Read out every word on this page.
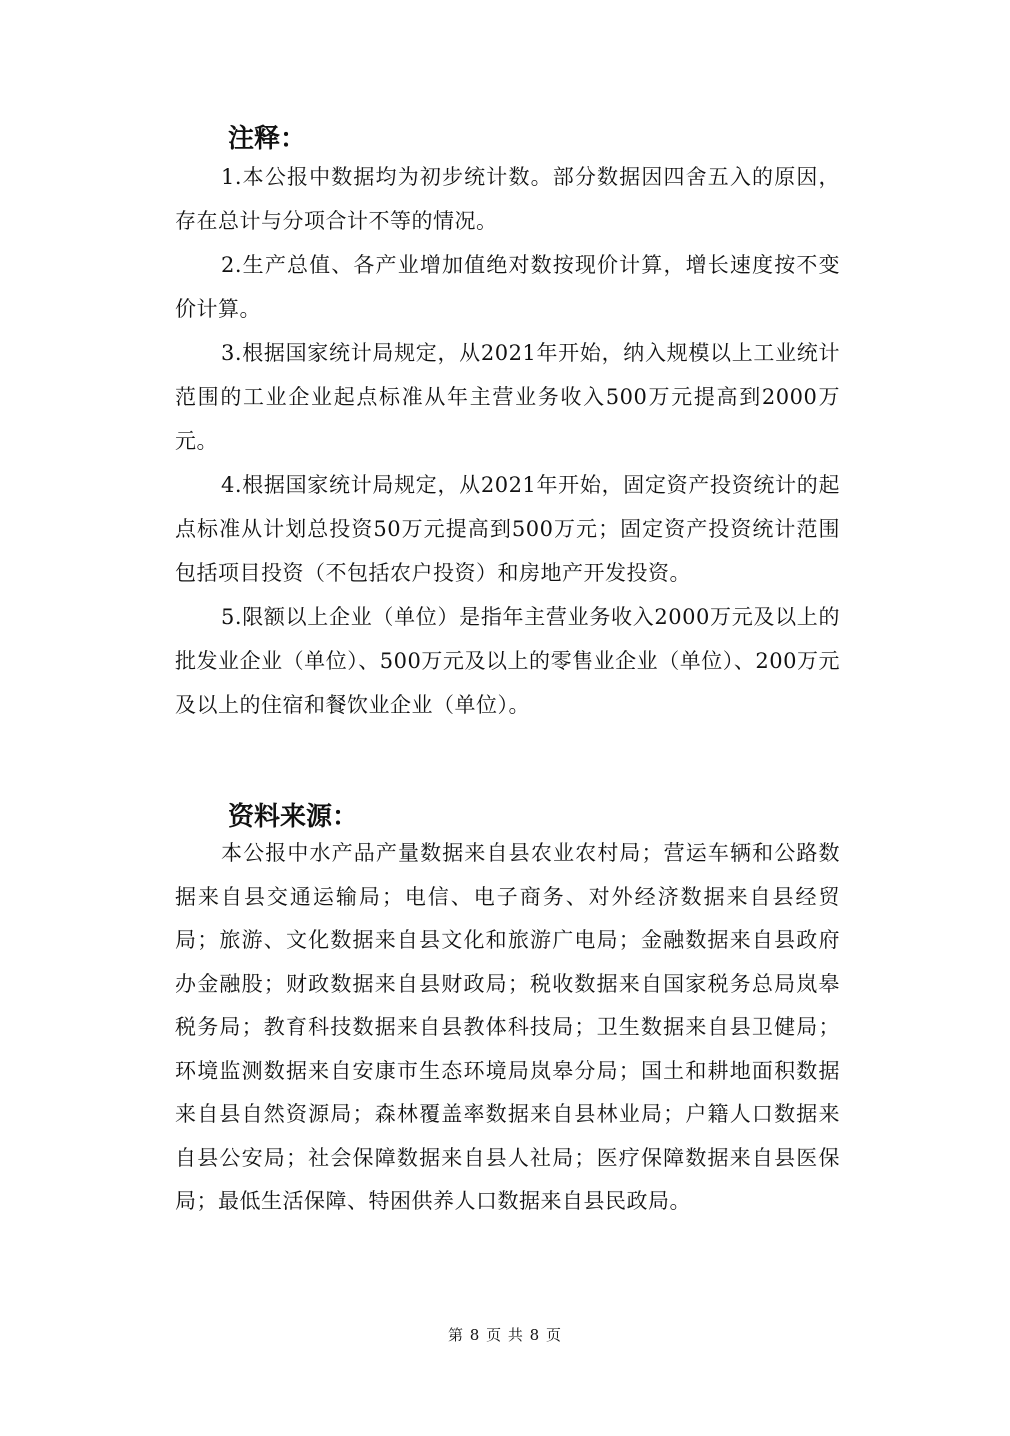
注释：

1.本公报中数据均为初步统计数。部分数据因四舍五入的原因，存在总计与分项合计不等的情况。

2.生产总值、各产业增加值绝对数按现价计算，增长速度按不变价计算。

3.根据国家统计局规定，从2021年开始，纳入规模以上工业统计范围的工业企业起点标准从年主营业务收入500万元提高到2000万元。

4.根据国家统计局规定，从2021年开始，固定资产投资统计的起点标准从计划总投资50万元提高到500万元；固定资产投资统计范围包括项目投资（不包括农户投资）和房地产开发投资。

5.限额以上企业（单位）是指年主营业务收入2000万元及以上的批发业企业（单位）、500万元及以上的零售业企业（单位）、200万元及以上的住宿和餐饮业企业（单位）。

资料来源：

本公报中水产品产量数据来自县农业农村局；营运车辆和公路数据来自县交通运输局；电信、电子商务、对外经济数据来自县经贸局；旅游、文化数据来自县文化和旅游广电局；金融数据来自县政府办金融股；财政数据来自县财政局；税收数据来自国家税务总局岚皋税务局；教育科技数据来自县教体科技局；卫生数据来自县卫健局；环境监测数据来自安康市生态环境局岚皋分局；国土和耕地面积数据来自县自然资源局；森林覆盖率数据来自县林业局；户籍人口数据来自县公安局；社会保障数据来自县人社局；医疗保障数据来自县医保局；最低生活保障、特困供养人口数据来自县民政局。

第 8 页 共 8 页
